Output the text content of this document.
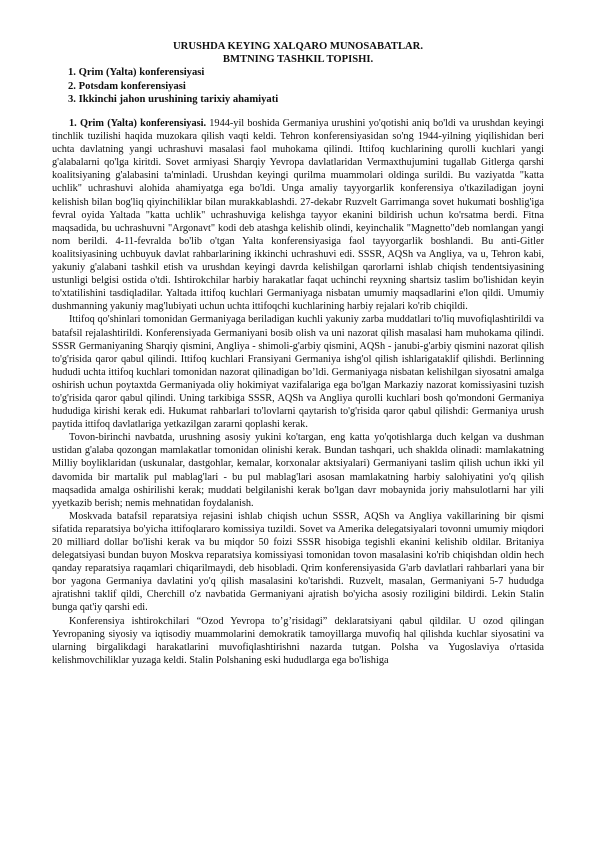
URUSHDA KEYING XALQARO MUNOSABATLAR.
BMTNING TASHKIL TOPISHI.
1. Qrim (Yalta) konferensiyasi
2. Potsdam konferensiyasi
3. Ikkinchi jahon urushining tarixiy ahamiyati

1. Qrim (Yalta) konferensiyasi. 1944-yil boshida Germaniya urushini yo'qotishi aniq bo'ldi va urushdan keyingi tinchlik tuzilishi haqida muzokara qilish vaqti keldi. Tehron konferensiyasidan so'ng 1944-yilning yiqilishidan beri uchta davlatning yangi uchrashuvi masalasi faol muhokama qilindi. Ittifoq kuchlarining qurolli kuchlari yangi g'alabalarni qo'lga kiritdi. Sovet armiyasi Sharqiy Yevropa davlatlaridan Vermaxthujumini tugallab Gitlerga qarshi koalitsiyaning g'alabasini ta'minladi. Urushdan keyingi qurilma muammolari oldinga surildi. Bu vaziyatda "katta uchlik" uchrashuvi alohida ahamiyatga ega bo'ldi. Unga amaliy tayyorgarlik konferensiya o'tkaziladigan joyni kelishish bilan bog'liq qiyinchiliklar bilan murakkablashdi. 27-dekabr Ruzvelt Garrimanga sovet hukumati boshlig'iga fevral oyida Yaltada "katta uchlik" uchrashuviga kelishga tayyor ekanini bildirish uchun ko'rsatma berdi. Fitna maqsadida, bu uchrashuvni "Argonavt" kodi deb atashga kelishib olindi, keyinchalik "Magnetto"deb nomlangan yangi nom berildi. 4-11-fevralda bo'lib o'tgan Yalta konferensiyasiga faol tayyorgarlik boshlandi. Bu anti-Gitler koalitsiyasining uchbuyuk davlat rahbarlarining ikkinchi uchrashuvi edi. SSSR, AQSh va Angliya, va u, Tehron kabi, yakuniy g'alabani tashkil etish va urushdan keyingi davrda kelishilgan qarorlarni ishlab chiqish tendentsiyasining ustunligi belgisi ostida o'tdi. Ishtirokchilar harbiy harakatlar faqat uchinchi reyxning shartsiz taslim bo'lishidan keyin to'xtatilishini tasdiqladilar. Yaltada ittifoq kuchlari Germaniyaga nisbatan umumiy maqsadlarini e'lon qildi. Umumiy dushmanning yakuniy mag'lubiyati uchun uchta ittifoqchi kuchlarining harbiy rejalari ko'rib chiqildi.

Ittifoq qo'shinlari tomonidan Germaniyaga beriladigan kuchli yakuniy zarba muddatlari to'liq muvofiqlashtirildi va batafsil rejalashtirildi. Konferensiyada Germaniyani bosib olish va uni nazorat qilish masalasi ham muhokama qilindi. SSSR Germaniyaning Sharqiy qismini, Angliya - shimoli-g'arbiy qismini, AQSh - janubi-g'arbiy qismini nazorat qilish to'g'risida qaror qabul qilindi. Ittifoq kuchlari Fransiyani Germaniya ishg'ol qilish ishlarigataklif qilishdi. Berlinning hududi uchta ittifoq kuchlari tomonidan nazorat qilinadigan bo’ldi. Germaniyaga nisbatan kelishilgan siyosatni amalga oshirish uchun poytaxtda Germaniyada oliy hokimiyat vazifalariga ega bo'lgan Markaziy nazorat komissiyasini tuzish to'g'risida qaror qabul qilindi. Uning tarkibiga SSSR, AQSh va Angliya qurolli kuchlari bosh qo'mondoni Germaniya hududiga kirishi kerak edi. Hukumat rahbarlari to'lovlarni qaytarish to'g'risida qaror qabul qilishdi: Germaniya urush paytida ittifoq davlatlariga yetkazilgan zararni qoplashi kerak.

Tovon-birinchi navbatda, urushning asosiy yukini ko'targan, eng katta yo'qotishlarga duch kelgan va dushman ustidan g'alaba qozongan mamlakatlar tomonidan olinishi kerak. Bundan tashqari, uch shaklda olinadi: mamlakatning Milliy boyliklaridan (uskunalar, dastgohlar, kemalar, korxonalar aktsiyalari) Germaniyani taslim qilish uchun ikki yil davomida bir martalik pul mablag'lari - bu pul mablag'lari asosan mamlakatning harbiy salohiyatini yo'q qilish maqsadida amalga oshirilishi kerak; muddati belgilanishi kerak bo'lgan davr mobaynida joriy mahsulotlarni har yili yyetkazib berish; nemis mehnatidan foydalanish.

Moskvada batafsil reparatsiya rejasini ishlab chiqish uchun SSSR, AQSh va Angliya vakillarining bir qismi sifatida reparatsiya bo'yicha ittifoqlararo komissiya tuzildi. Sovet va Amerika delegatsiyalari tovonni umumiy miqdori 20 milliard dollar bo'lishi kerak va bu miqdor 50 foizi SSSR hisobiga tegishli ekanini kelishib oldilar. Britaniya delegatsiyasi bundan buyon Moskva reparatsiya komissiyasi tomonidan tovon masalasini ko'rib chiqishdan oldin hech qanday reparatsiya raqamlari chiqarilmaydi, deb hisobladi. Qrim konferensiyasida G'arb davlatlari rahbarlari yana bir bor yagona Germaniya davlatini yo'q qilish masalasini ko'tarishdi. Ruzvelt, masalan, Germaniyani 5-7 hududga ajratishni taklif qildi, Cherchill o'z navbatida Germaniyani ajratish bo'yicha asosiy roziligini bildirdi. Lekin Stalin bunga qat'iy qarshi edi.

Konferensiya ishtirokchilari “Ozod Yevropa to’g’risidagi” deklaratsiyani qabul qildilar. U ozod qilingan Yevropaning siyosiy va iqtisodiy muammolarini demokratik tamoyillarga muvofiq hal qilishda kuchlar siyosatini va ularning birgalikdagi harakatlarini muvofiqlashtirishni nazarda tutgan. Polsha va Yugoslaviya o'rtasida kelishmovchiliklar yuzaga keldi. Stalin Polshaning eski hududlarga ega bo'lishiga
